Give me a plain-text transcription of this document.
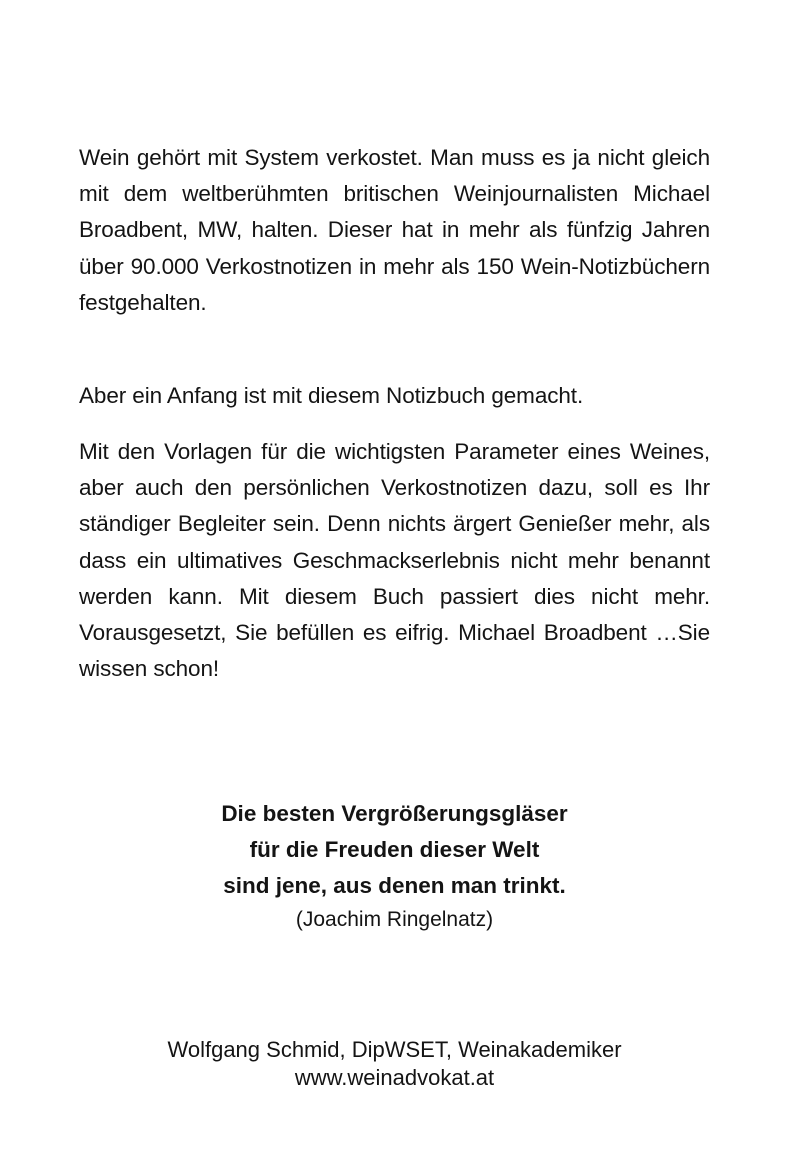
Wein gehört mit System verkostet. Man muss es ja nicht gleich mit dem weltberühmten britischen Weinjournalisten Michael Broadbent, MW, halten. Dieser hat in mehr als fünfzig Jahren über 90.000 Verkostnotizen in mehr als 150 Wein-Notizbüchern festgehalten.

Aber ein Anfang ist mit diesem Notizbuch gemacht.

Mit den Vorlagen für die wichtigsten Parameter eines Weines, aber auch den persönlichen Verkostnotizen dazu, soll es Ihr ständiger Begleiter sein. Denn nichts ärgert Genießer mehr, als dass ein ultimatives Geschmackserlebnis nicht mehr benannt werden kann. Mit diesem Buch passiert dies nicht mehr. Vorausgesetzt, Sie befüllen es eifrig. Michael Broadbent …Sie wissen schon!

Die besten Vergrößerungsgläser
für die Freuden dieser Welt
sind jene, aus denen man trinkt.
(Joachim Ringelnatz)
Wolfgang Schmid, DipWSET, Weinakademiker
www.weinadvokat.at
